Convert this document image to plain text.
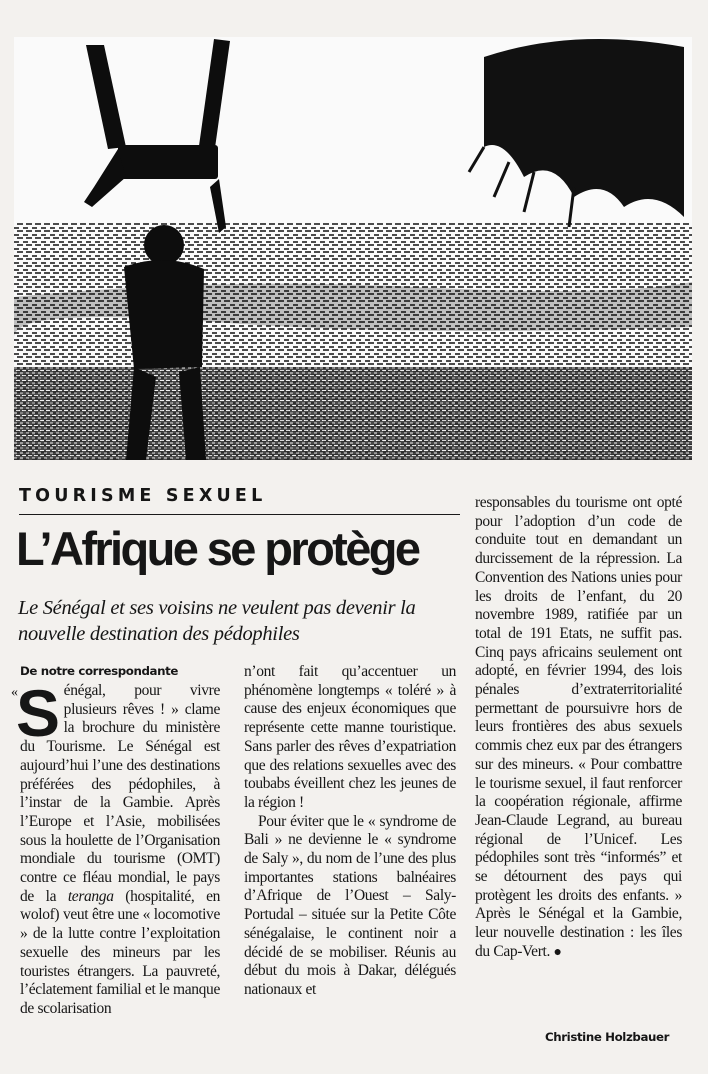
TOURISME SEXUEL
L’Afrique se protège
Le Sénégal et ses voisins ne veulent pas devenir la nouvelle destination des pédophiles
De notre correspondante

«
S énégal, pour vivre plusieurs rêves ! » clame la brochure du ministère du Tourisme. Le Sénégal est aujourd’hui l’une des destinations préférées des pédophiles, à l’instar de la Gambie. Après l’Europe et l’Asie, mobilisées sous la houlette de l’Organisation mondiale du tourisme (OMT) contre ce fléau mondial, le pays de la teranga (hospitalité, en wolof) veut être une « locomotive » de la lutte contre l’exploitation sexuelle des mineurs par les touristes étrangers. La pauvreté, l’éclatement familial et le manque de scolarisation

n’ont fait qu’accentuer un phénomène longtemps « toléré » à cause des enjeux économiques que représente cette manne touristique. Sans parler des rêves d’expatriation que des relations sexuelles avec des toubabs éveillent chez les jeunes de la région !

Pour éviter que le « syndrome de Bali » ne devienne le « syndrome de Saly », du nom de l’une des plus importantes stations balnéaires d’Afrique de l’Ouest – Saly-Portudal – située sur la Petite Côte sénégalaise, le continent noir a décidé de se mobiliser. Réunis au début du mois à Dakar, délégués nationaux et

responsables du tourisme ont opté pour l’adoption d’un code de conduite tout en demandant un durcissement de la répression. La Convention des Nations unies pour les droits de l’enfant, du 20 novembre 1989, ratifiée par un total de 191 Etats, ne suffit pas. Cinq pays africains seulement ont adopté, en février 1994, des lois pénales d’extraterritorialité permettant de poursuivre hors de leurs frontières des abus sexuels commis chez eux par des étrangers sur des mineurs. « Pour combattre le tourisme sexuel, il faut renforcer la coopération régionale, affirme Jean-Claude Legrand, au bureau régional de l’Unicef. Les pédophiles sont très “informés” et se détournent des pays qui protègent les droits des enfants. » Après le Sénégal et la Gambie, leur nouvelle destination : les îles du Cap-Vert. ●

Christine Holzbauer
